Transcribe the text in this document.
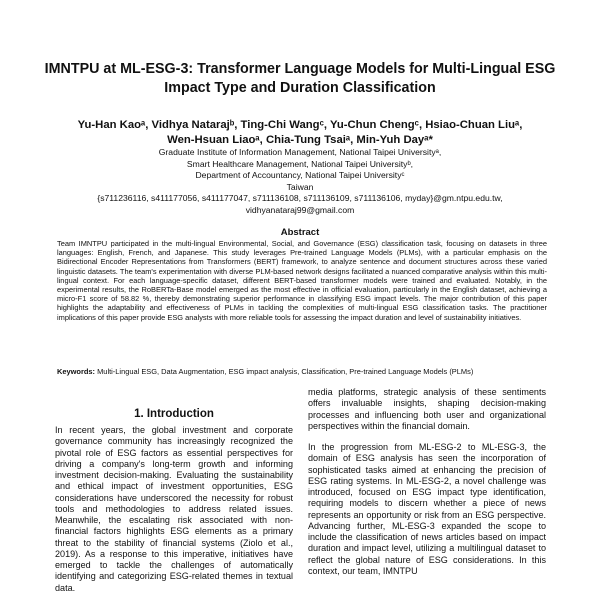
IMNTPU at ML-ESG-3: Transformer Language Models for Multi-Lingual ESG Impact Type and Duration Classification
Yu-Han Kaoᵃ, Vidhya Natarajᵇ, Ting-Chi Wangᶜ, Yu-Chun Chengᶜ, Hsiao-Chuan Liuᵃ,
Wen-Hsuan Liaoᵃ, Chia-Tung Tsaiᵃ, Min-Yuh Dayᵃ*
Graduate Institute of Information Management, National Taipei Universityᵃ,
Smart Healthcare Management, National Taipei Universityᵇ,
Department of Accountancy, National Taipei Universityᶜ
Taiwan
{s711236116, s411177056, s411177047, s711136108, s711136109, s711136106, myday}@gm.ntpu.edu.tw,
vidhyanataraj99@gmail.com
Abstract
Team IMNTPU participated in the multi-lingual Environmental, Social, and Governance (ESG) classification task, focusing on datasets in three languages: English, French, and Japanese. This study leverages Pre-trained Language Models (PLMs), with a particular emphasis on the Bidirectional Encoder Representations from Transformers (BERT) framework, to analyze sentence and document structures across these varied linguistic datasets. The team's experimentation with diverse PLM-based network designs facilitated a nuanced comparative analysis within this multi-lingual context. For each language-specific dataset, different BERT-based transformer models were trained and evaluated. Notably, in the experimental results, the RoBERTa-Base model emerged as the most effective in official evaluation, particularly in the English dataset, achieving a micro-F1 score of 58.82 %, thereby demonstrating superior performance in classifying ESG impact levels. The major contribution of this paper highlights the adaptability and effectiveness of PLMs in tackling the complexities of multi-lingual ESG classification tasks. The practitioner implications of this paper provide ESG analysts with more reliable tools for assessing the impact duration and level of sustainability initiatives.
Keywords: Multi-Lingual ESG, Data Augmentation, ESG impact analysis, Classification, Pre-trained Language Models (PLMs)
1. Introduction

In recent years, the global investment and corporate governance community has increasingly recognized the pivotal role of ESG factors as essential perspectives for driving a company's long-term growth and informing investment decision-making. Evaluating the sustainability and ethical impact of investment opportunities, ESG considerations have underscored the necessity for robust tools and methodologies to address related issues. Meanwhile, the escalating risk associated with non-financial factors highlights ESG elements as a primary threat to the stability of financial systems (Ziolo et al., 2019). As a response to this imperative, initiatives have emerged to tackle the challenges of automatically identifying and categorizing ESG-related themes in textual data.

media platforms, strategic analysis of these sentiments offers invaluable insights, shaping decision-making processes and influencing both user and organizational perspectives within the financial domain.

In the progression from ML-ESG-2 to ML-ESG-3, the domain of ESG analysis has seen the incorporation of sophisticated tasks aimed at enhancing the precision of ESG rating systems. In ML-ESG-2, a novel challenge was introduced, focused on ESG impact type identification, requiring models to discern whether a piece of news represents an opportunity or risk from an ESG perspective. Advancing further, ML-ESG-3 expanded the scope to include the classification of news articles based on impact duration and impact level, utilizing a multilingual dataset to reflect the global nature of ESG considerations. In this context, our team, IMNTPU
